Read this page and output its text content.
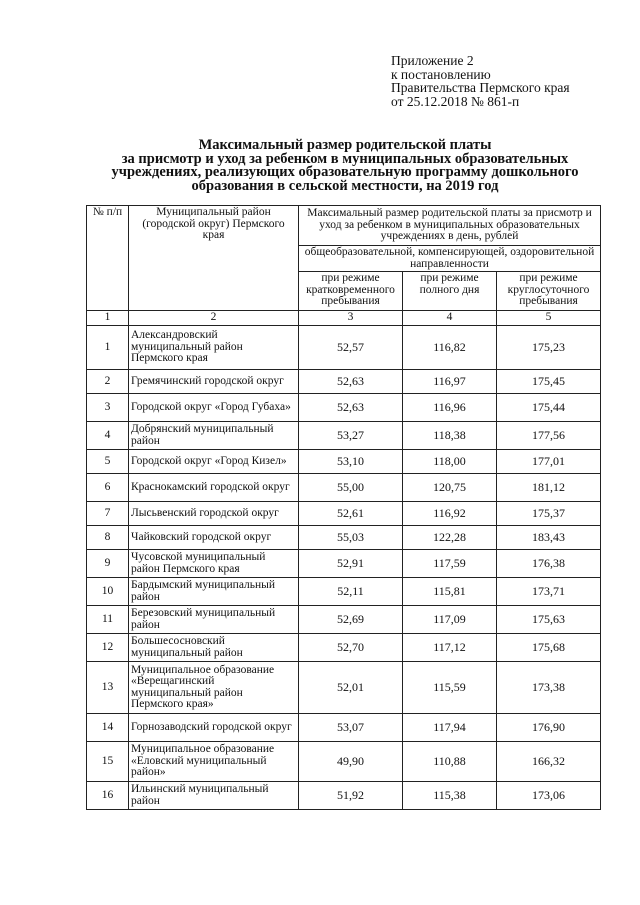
Приложение 2
к постановлению
Правительства Пермского края
от 25.12.2018 № 861-п
Максимальный размер родительской платы
за присмотр и уход за ребенком в муниципальных образовательных
учреждениях, реализующих образовательную программу дошкольного
образования в сельской местности, на 2019 год
№ п/п	Муниципальный район (городской округ) Пермского края	Максимальный размер родительской платы за присмотр и уход за ребенком в муниципальных образовательных учреждениях в день, рублей		
		общеобразовательной, компенсирующей, оздоровительной направленности		
		при режиме кратковременного пребывания	при режиме полного дня	при режиме круглосуточного пребывания
1	2	3	4	5
1	Александровский муниципальный район Пермского края	52,57	116,82	175,23
2	Гремячинский городской округ	52,63	116,97	175,45
3	Городской округ «Город Губаха»	52,63	116,96	175,44
4	Добрянский муниципальный район	53,27	118,38	177,56
5	Городской округ «Город Кизел»	53,10	118,00	177,01
6	Краснокамский городской округ	55,00	120,75	181,12
7	Лысьвенский городской округ	52,61	116,92	175,37
8	Чайковский городской округ	55,03	122,28	183,43
9	Чусовской муниципальный район Пермского края	52,91	117,59	176,38
10	Бардымский муниципальный район	52,11	115,81	173,71
11	Березовский муниципальный район	52,69	117,09	175,63
12	Большесосновский муниципальный район	52,70	117,12	175,68
13	Муниципальное образование «Верещагинский муниципальный район Пермского края»	52,01	115,59	173,38
14	Горнозаводский городской округ	53,07	117,94	176,90
15	Муниципальное образование «Еловский муниципальный район»	49,90	110,88	166,32
16	Ильинский муниципальный район	51,92	115,38	173,06
